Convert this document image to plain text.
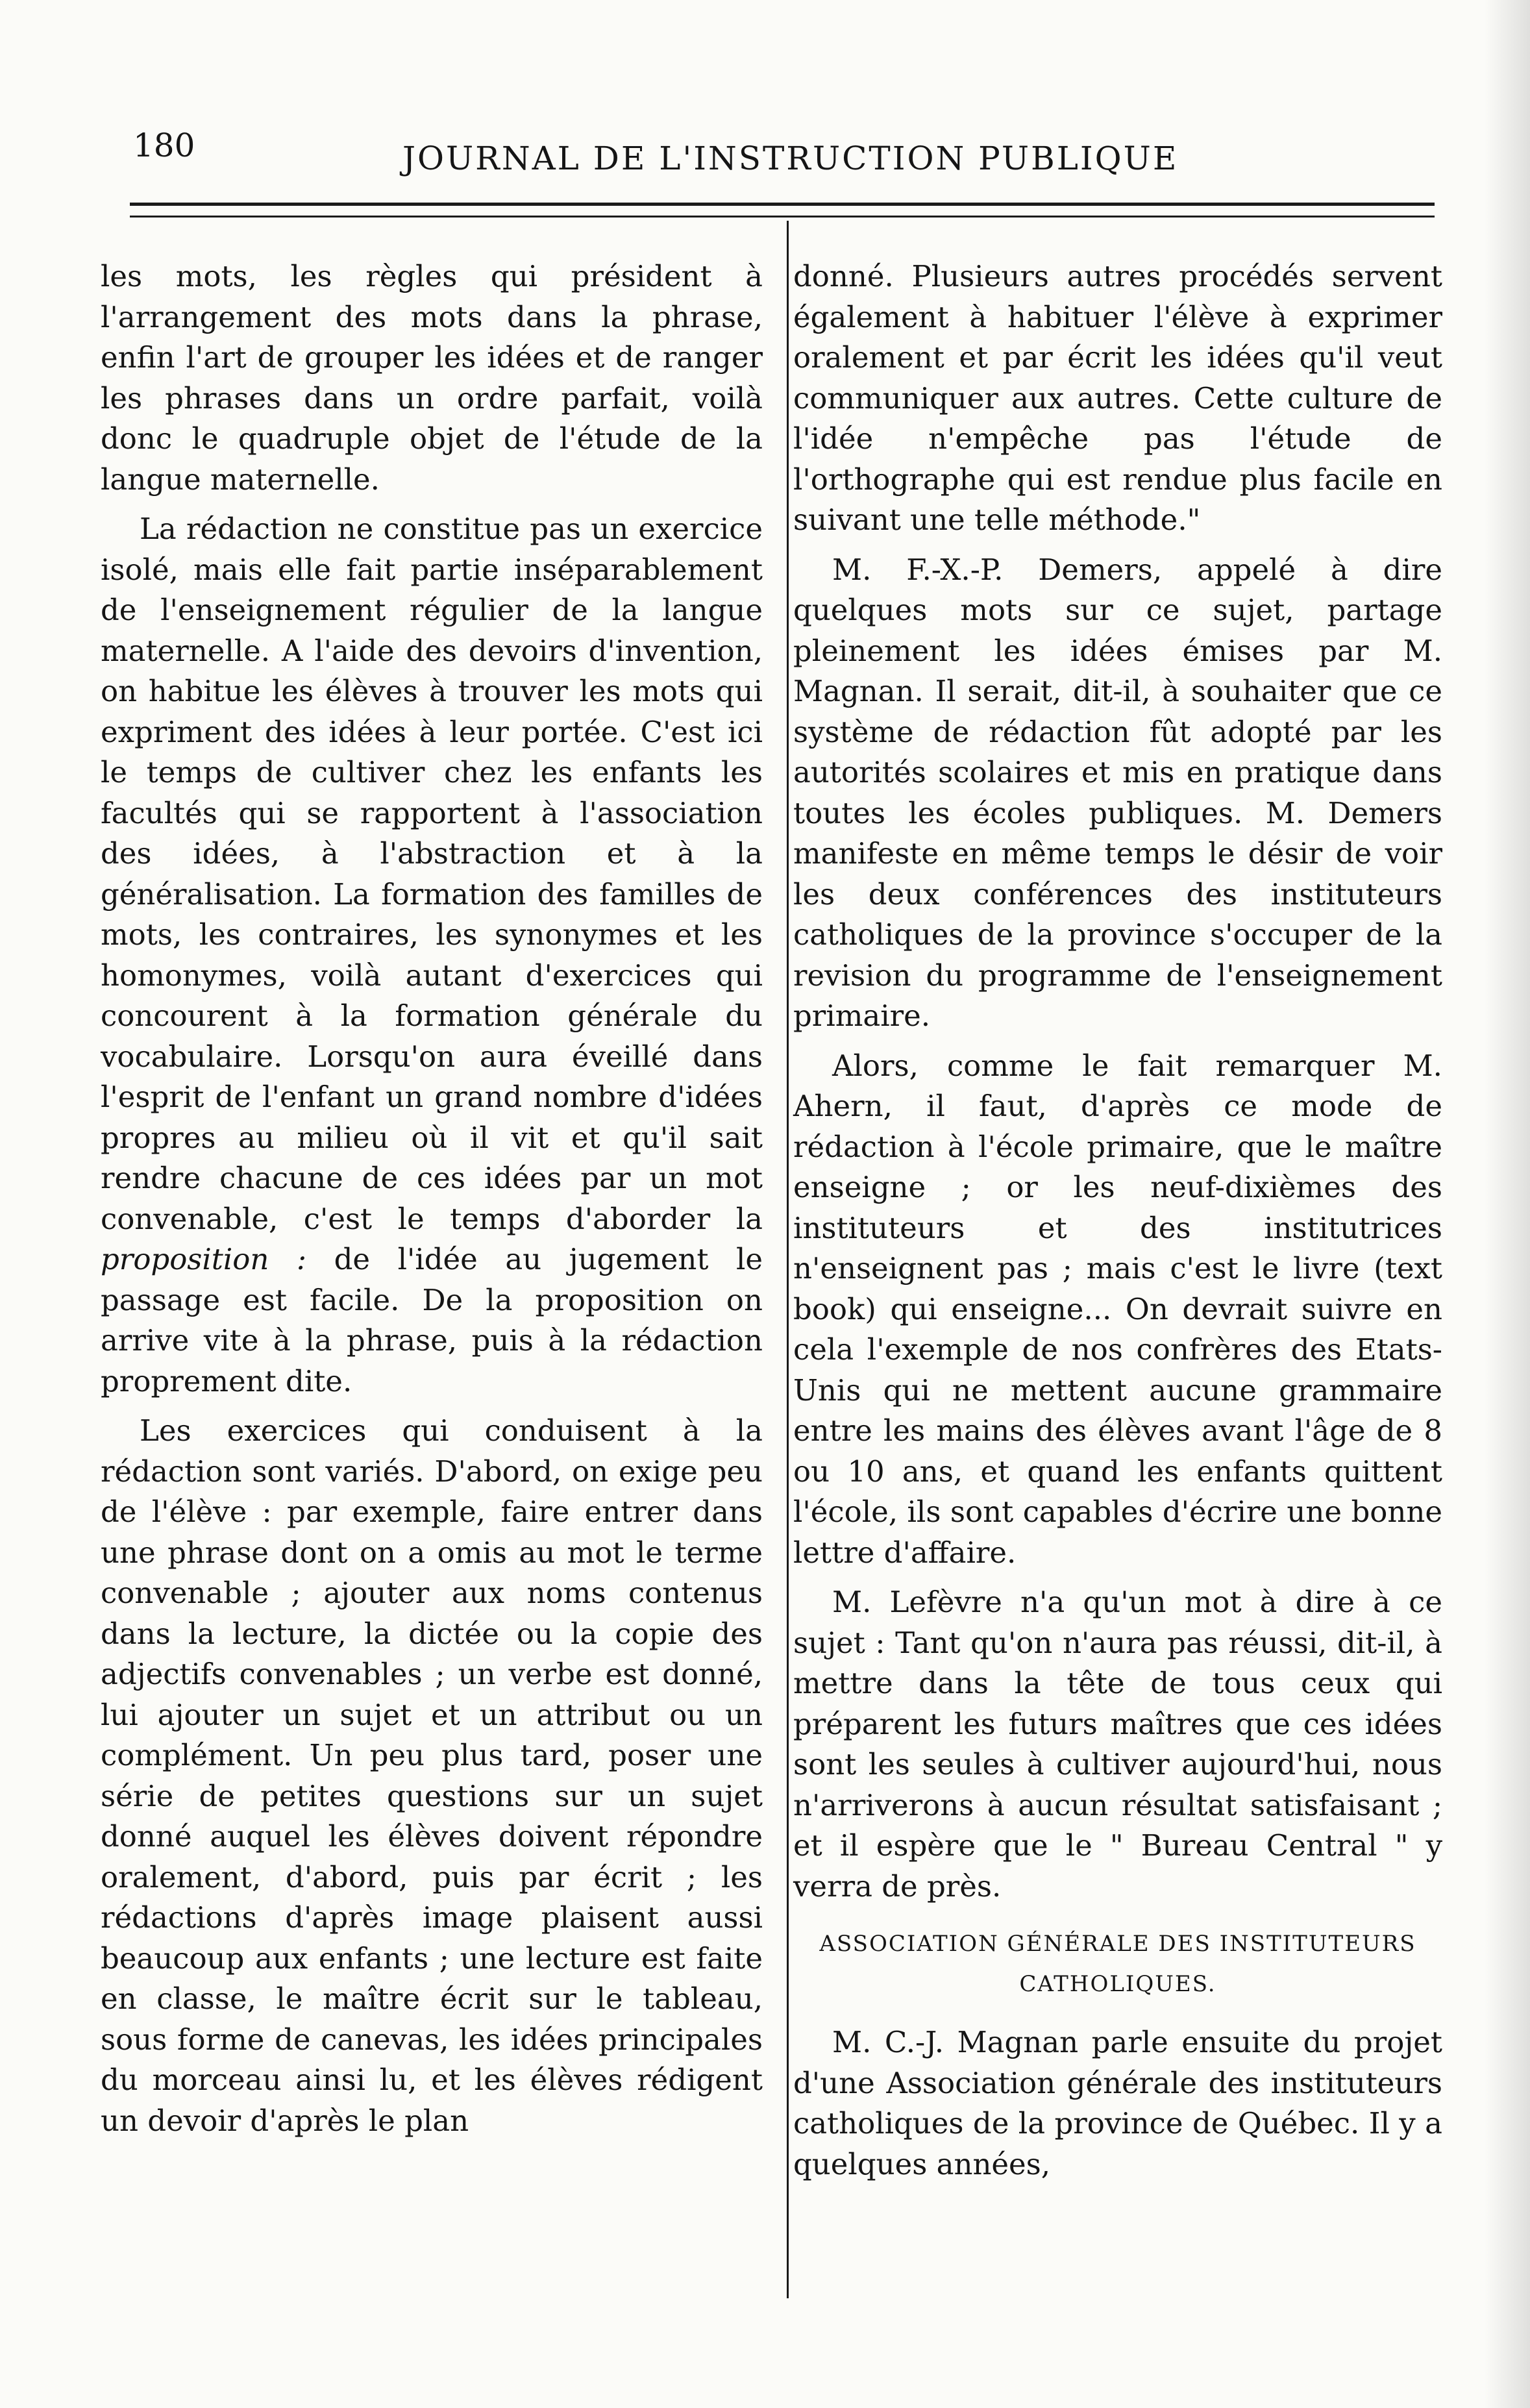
180	JOURNAL DE L'INSTRUCTION PUBLIQUE

les mots, les règles qui président à l'arrangement des mots dans la phrase, enfin l'art de grouper les idées et de ranger les phrases dans un ordre parfait, voilà donc le quadruple objet de l'étude de la langue maternelle.

La rédaction ne constitue pas un exercice isolé, mais elle fait partie inséparablement de l'enseignement régulier de la langue maternelle. A l'aide des devoirs d'invention, on habitue les élèves à trouver les mots qui expriment des idées à leur portée. C'est ici le temps de cultiver chez les enfants les facultés qui se rapportent à l'association des idées, à l'abstraction et à la généralisation. La formation des familles de mots, les contraires, les synonymes et les homonymes, voilà autant d'exercices qui concourent à la formation générale du vocabulaire. Lorsqu'on aura éveillé dans l'esprit de l'enfant un grand nombre d'idées propres au milieu où il vit et qu'il sait rendre chacune de ces idées par un mot convenable, c'est le temps d'aborder la proposition : de l'idée au jugement le passage est facile. De la proposition on arrive vite à la phrase, puis à la rédaction proprement dite.

Les exercices qui conduisent à la rédaction sont variés. D'abord, on exige peu de l'élève : par exemple, faire entrer dans une phrase dont on a omis au mot le terme convenable ; ajouter aux noms contenus dans la lecture, la dictée ou la copie des adjectifs convenables ; un verbe est donné, lui ajouter un sujet et un attribut ou un complément. Un peu plus tard, poser une série de petites questions sur un sujet donné auquel les élèves doivent répondre oralement, d'abord, puis par écrit ; les rédactions d'après image plaisent aussi beaucoup aux enfants ; une lecture est faite en classe, le maître écrit sur le tableau, sous forme de canevas, les idées principales du morceau ainsi lu, et les élèves rédigent un devoir d'après le plan

donné. Plusieurs autres procédés servent également à habituer l'élève à exprimer oralement et par écrit les idées qu'il veut communiquer aux autres. Cette culture de l'idée n'empêche pas l'étude de l'orthographe qui est rendue plus facile en suivant une telle méthode."

M. F.-X.-P. Demers, appelé à dire quelques mots sur ce sujet, partage pleinement les idées émises par M. Magnan. Il serait, dit-il, à souhaiter que ce système de rédaction fût adopté par les autorités scolaires et mis en pratique dans toutes les écoles publiques. M. Demers manifeste en même temps le désir de voir les deux conférences des instituteurs catholiques de la province s'occuper de la revision du programme de l'enseignement primaire.

Alors, comme le fait remarquer M. Ahern, il faut, d'après ce mode de rédaction à l'école primaire, que le maître enseigne ; or les neuf-dixièmes des instituteurs et des institutrices n'enseignent pas ; mais c'est le livre (text book) qui enseigne... On devrait suivre en cela l'exemple de nos confrères des Etats-Unis qui ne mettent aucune grammaire entre les mains des élèves avant l'âge de 8 ou 10 ans, et quand les enfants quittent l'école, ils sont capables d'écrire une bonne lettre d'affaire.

M. Lefèvre n'a qu'un mot à dire à ce sujet : Tant qu'on n'aura pas réussi, dit-il, à mettre dans la tête de tous ceux qui préparent les futurs maîtres que ces idées sont les seules à cultiver aujourd'hui, nous n'arriverons à aucun résultat satisfaisant ; et il espère que le " Bureau Central " y verra de près.

ASSOCIATION GÉNÉRALE DES INSTITUTEURS
CATHOLIQUES.

M. C.-J. Magnan parle ensuite du projet d'une Association générale des instituteurs catholiques de la province de Québec. Il y a quelques années,
